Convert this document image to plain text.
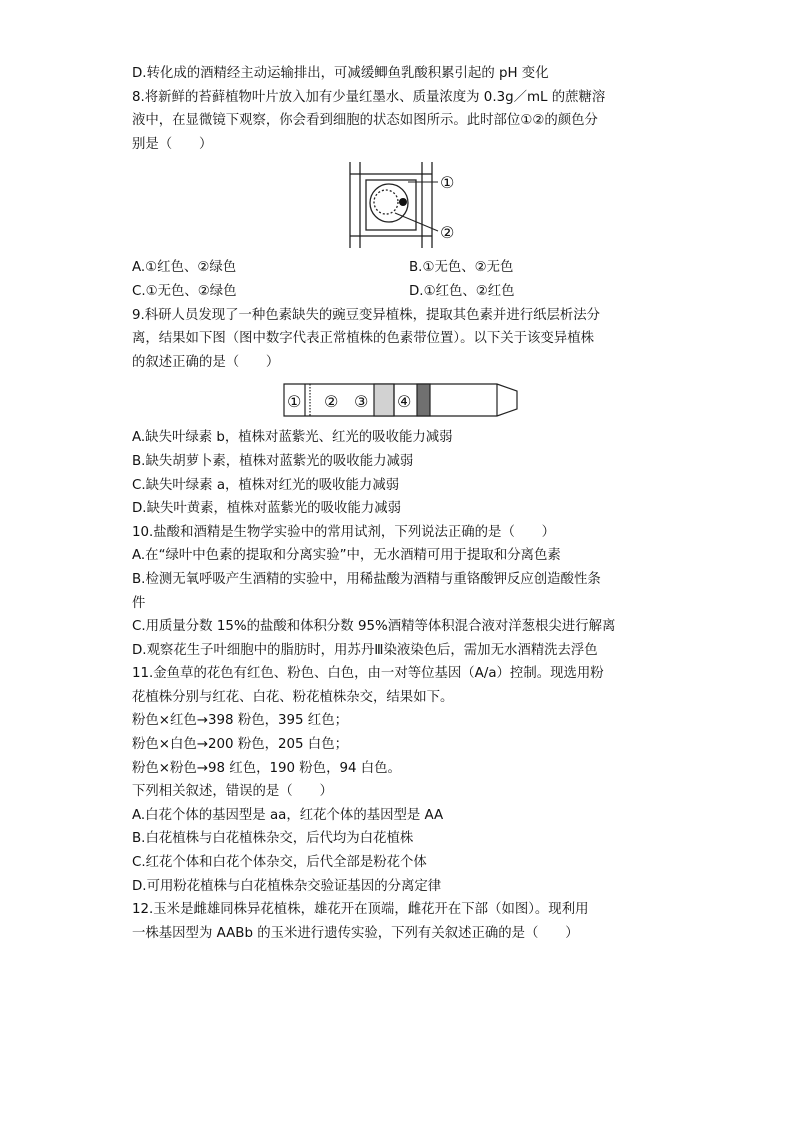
D.转化成的酒精经主动运输排出，可减缓鲫鱼乳酸积累引起的 pH 变化
8.将新鲜的苔藓植物叶片放入加有少量红墨水、质量浓度为 0.3g／mL 的蔗糖溶
液中，在显微镜下观察，你会看到细胞的状态如图所示。此时部位①②的颜色分
别是（　　）
①
②
A.①红色、②绿色	B.①无色、②无色
C.①无色、②绿色	D.①红色、②红色
9.科研人员发现了一种色素缺失的豌豆变异植株，提取其色素并进行纸层析法分
离，结果如下图（图中数字代表正常植株的色素带位置）。以下关于该变异植株
的叙述正确的是（　　）
① ② ③ ④
A.缺失叶绿素 b，植株对蓝紫光、红光的吸收能力减弱
B.缺失胡萝卜素，植株对蓝紫光的吸收能力减弱
C.缺失叶绿素 a，植株对红光的吸收能力减弱
D.缺失叶黄素，植株对蓝紫光的吸收能力减弱
10.盐酸和酒精是生物学实验中的常用试剂，下列说法正确的是（　　）
A.在“绿叶中色素的提取和分离实验”中，无水酒精可用于提取和分离色素
B.检测无氧呼吸产生酒精的实验中，用稀盐酸为酒精与重铬酸钾反应创造酸性条
件
C.用质量分数 15%的盐酸和体积分数 95%酒精等体积混合液对洋葱根尖进行解离
D.观察花生子叶细胞中的脂肪时，用苏丹Ⅲ染液染色后，需加无水酒精洗去浮色
11.金鱼草的花色有红色、粉色、白色，由一对等位基因（A/a）控制。现选用粉
花植株分别与红花、白花、粉花植株杂交，结果如下。
粉色×红色→398 粉色，395 红色；
粉色×白色→200 粉色，205 白色；
粉色×粉色→98 红色，190 粉色，94 白色。
下列相关叙述，错误的是（　　）
A.白花个体的基因型是 aa，红花个体的基因型是 AA
B.白花植株与白花植株杂交，后代均为白花植株
C.红花个体和白花个体杂交，后代全部是粉花个体
D.可用粉花植株与白花植株杂交验证基因的分离定律
12.玉米是雌雄同株异花植株，雄花开在顶端，雌花开在下部（如图）。现利用
一株基因型为 AABb 的玉米进行遗传实验，下列有关叙述正确的是（　　）
